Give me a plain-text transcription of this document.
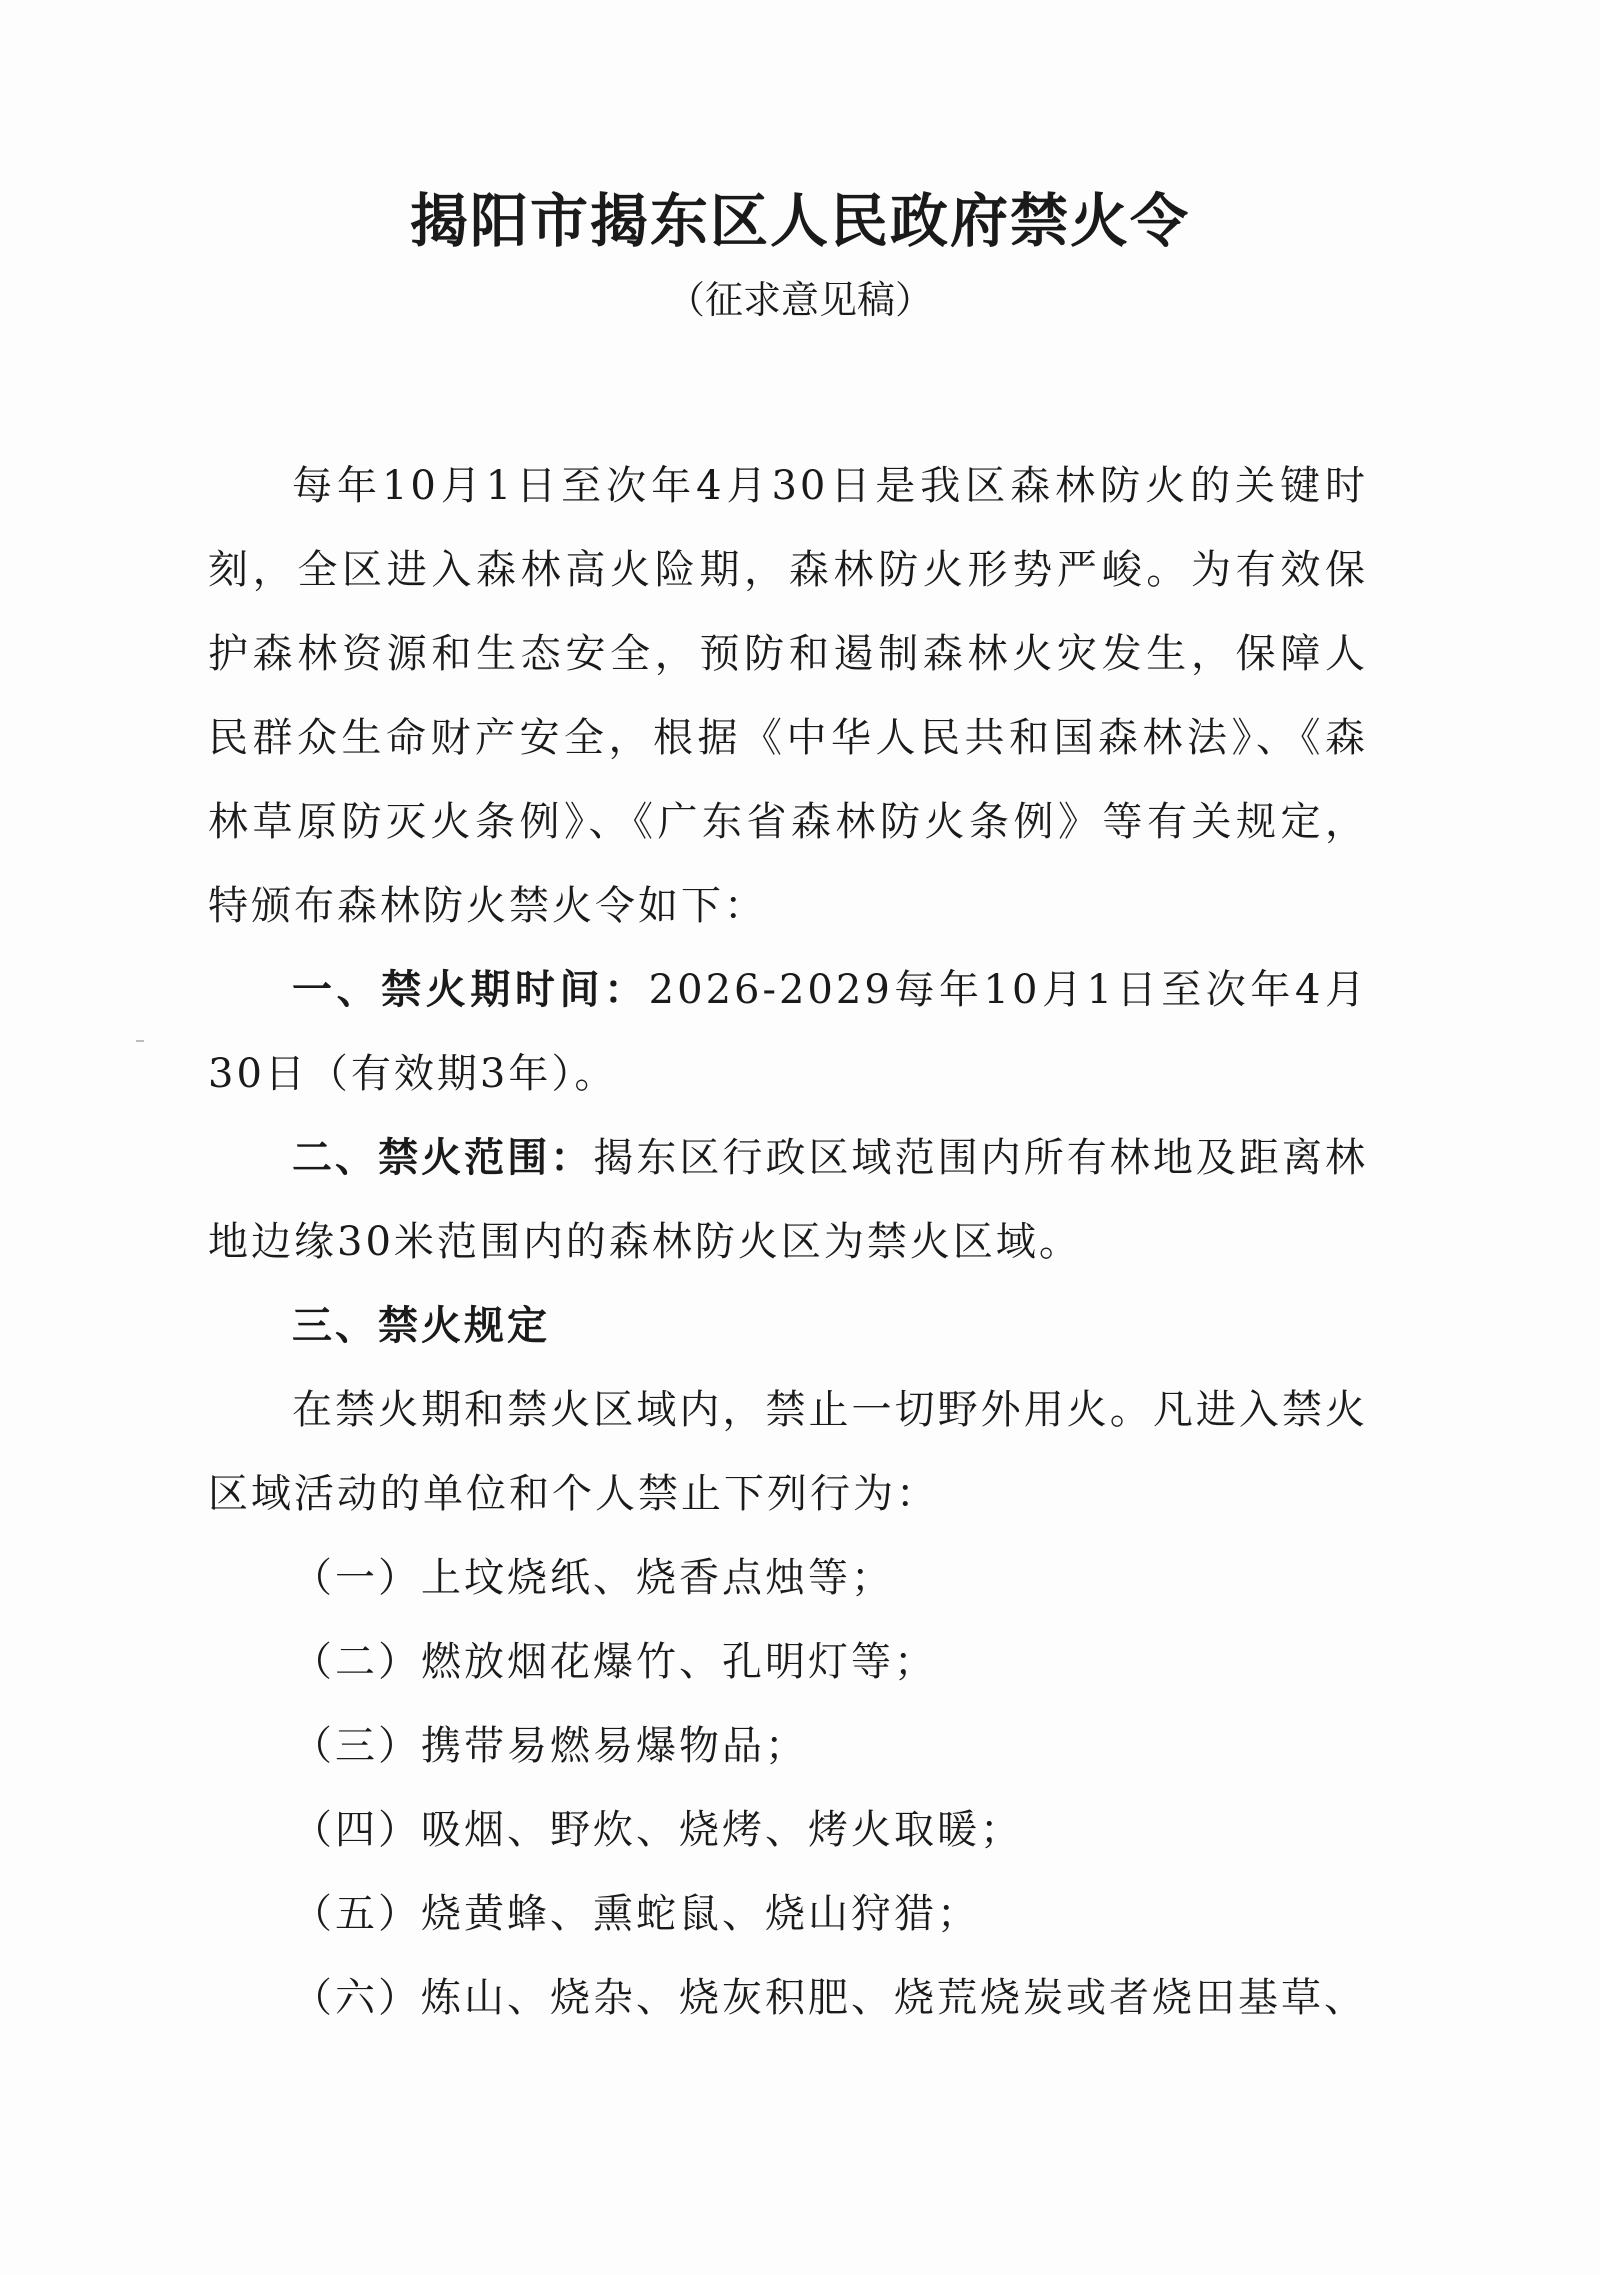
揭阳市揭东区人民政府禁火令
（征求意见稿）

每年10月1日至次年4月30日是我区森林防火的关键时刻，全区进入森林高火险期，森林防火形势严峻。为有效保护森林资源和生态安全，预防和遏制森林火灾发生，保障人民群众生命财产安全，根据《中华人民共和国森林法》、《森林草原防灭火条例》、《广东省森林防火条例》等有关规定，特颁布森林防火禁火令如下：

一、禁火期时间：2026-2029每年10月1日至次年4月30日（有效期3年）。

二、禁火范围：揭东区行政区域范围内所有林地及距离林地边缘30米范围内的森林防火区为禁火区域。

三、禁火规定

在禁火期和禁火区域内，禁止一切野外用火。凡进入禁火区域活动的单位和个人禁止下列行为：

（一）上坟烧纸、烧香点烛等；

（二）燃放烟花爆竹、孔明灯等；

（三）携带易燃易爆物品；

（四）吸烟、野炊、烧烤、烤火取暖；

（五）烧黄蜂、熏蛇鼠、烧山狩猎；

（六）炼山、烧杂、烧灰积肥、烧荒烧炭或者烧田基草、
